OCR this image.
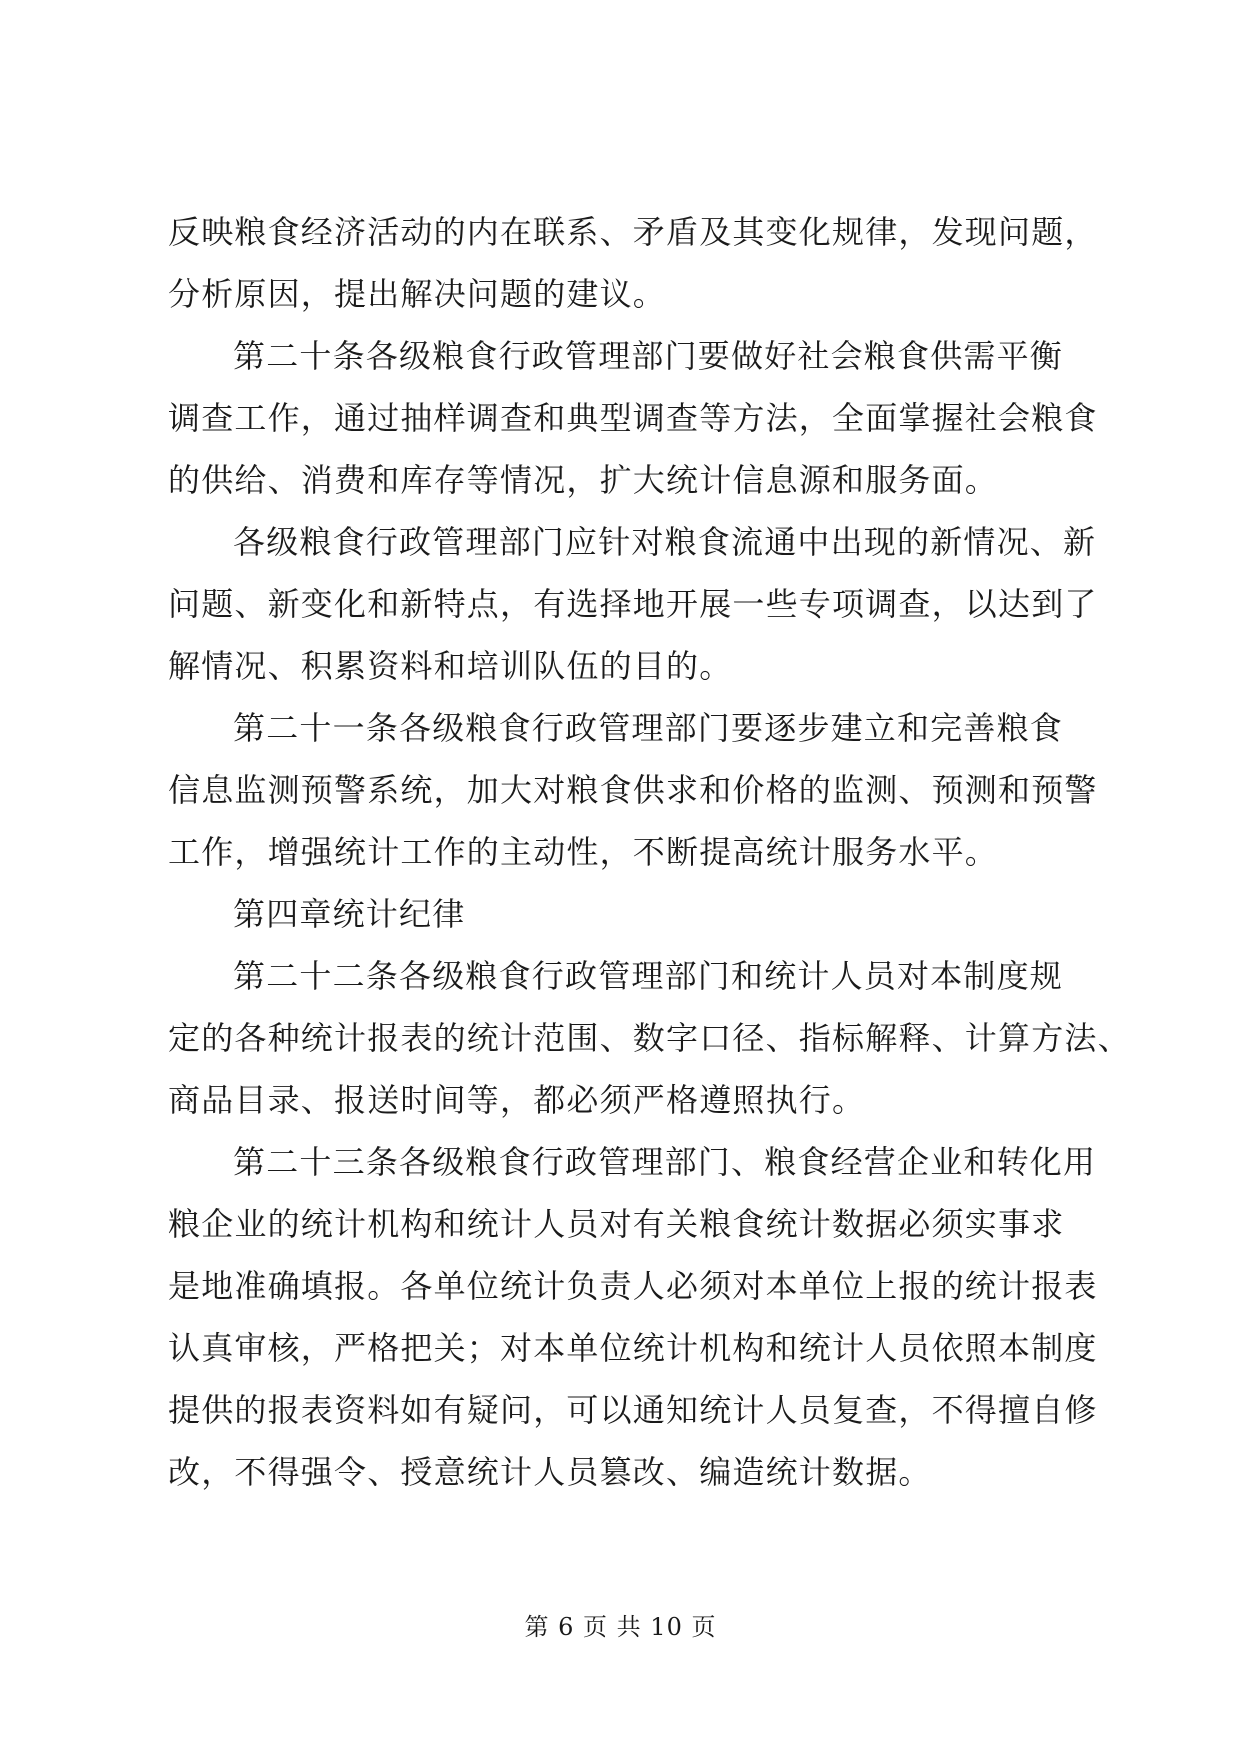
反映粮食经济活动的内在联系、矛盾及其变化规律，发现问题，
分析原因，提出解决问题的建议。
第二十条各级粮食行政管理部门要做好社会粮食供需平衡
调查工作，通过抽样调查和典型调查等方法，全面掌握社会粮食
的供给、消费和库存等情况，扩大统计信息源和服务面。
各级粮食行政管理部门应针对粮食流通中出现的新情况、新
问题、新变化和新特点，有选择地开展一些专项调查，以达到了
解情况、积累资料和培训队伍的目的。
第二十一条各级粮食行政管理部门要逐步建立和完善粮食
信息监测预警系统，加大对粮食供求和价格的监测、预测和预警
工作，增强统计工作的主动性，不断提高统计服务水平。
第四章统计纪律
第二十二条各级粮食行政管理部门和统计人员对本制度规
定的各种统计报表的统计范围、数字口径、指标解释、计算方法、
商品目录、报送时间等，都必须严格遵照执行。
第二十三条各级粮食行政管理部门、粮食经营企业和转化用
粮企业的统计机构和统计人员对有关粮食统计数据必须实事求
是地准确填报。各单位统计负责人必须对本单位上报的统计报表
认真审核，严格把关；对本单位统计机构和统计人员依照本制度
提供的报表资料如有疑问，可以通知统计人员复查，不得擅自修
改，不得强令、授意统计人员篡改、编造统计数据。
第 6 页 共 10 页
